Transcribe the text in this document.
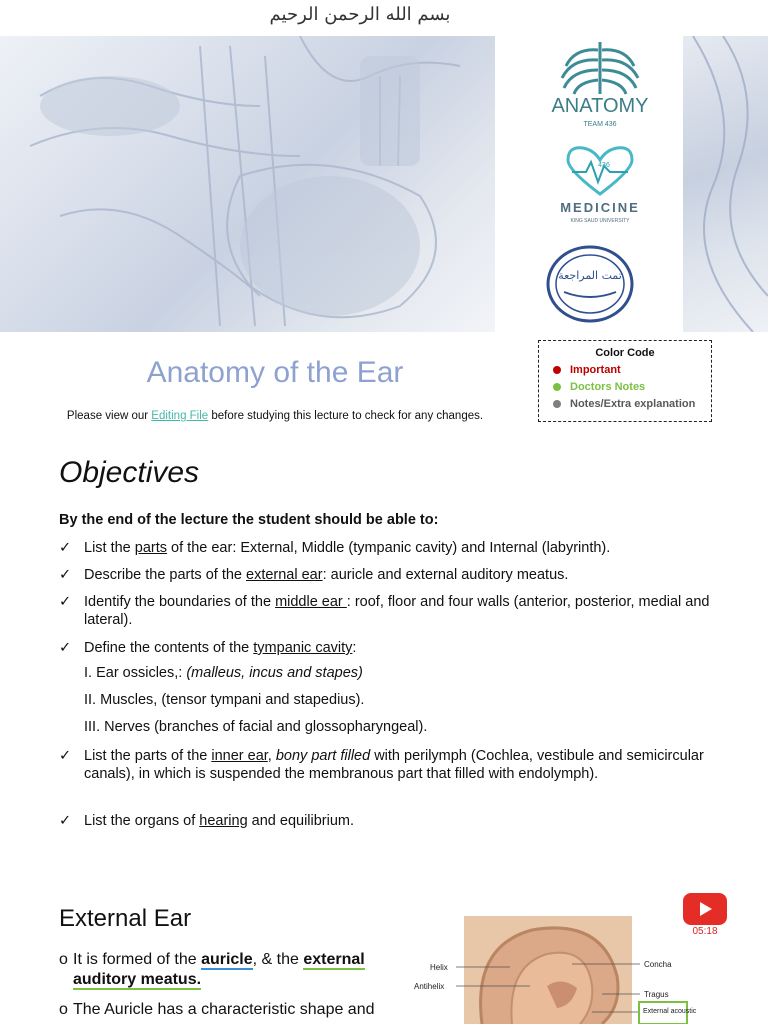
بسم الله الرحمن الرحيم
ANATOMY
TEAM 436
436
MEDICINE
KING SAUD UNIVERSITY
تمت المراجعة
Anatomy of the Ear
Please view our Editing File before studying this lecture to check for any changes.
Color Code
Important
Doctors Notes
Notes/Extra explanation
Objectives
By the end of the lecture the student should be able to:
✓ List the parts of the ear: External, Middle (tympanic cavity) and Internal (labyrinth).
✓ Describe the parts of the external ear: auricle and external auditory meatus.
✓ Identify the boundaries of the middle ear : roof, floor and four walls (anterior, posterior, medial and lateral).
✓ Define the contents of the tympanic cavity:
I. Ear ossicles,: (malleus, incus and stapes)
II. Muscles, (tensor tympani and stapedius).
III. Nerves (branches of facial and glossopharyngeal).
✓ List the parts of the inner ear, bony part filled with perilymph (Cochlea, vestibule and semicircular canals), in which is suspended the membranous part that filled with endolymph).
✓ List the organs of hearing and equilibrium.
External Ear
o It is formed of the auricle, & the external auditory meatus.
o The Auricle has a characteristic shape and
05:18
Helix
Antihelix
Concha
Tragus
External acoustic
